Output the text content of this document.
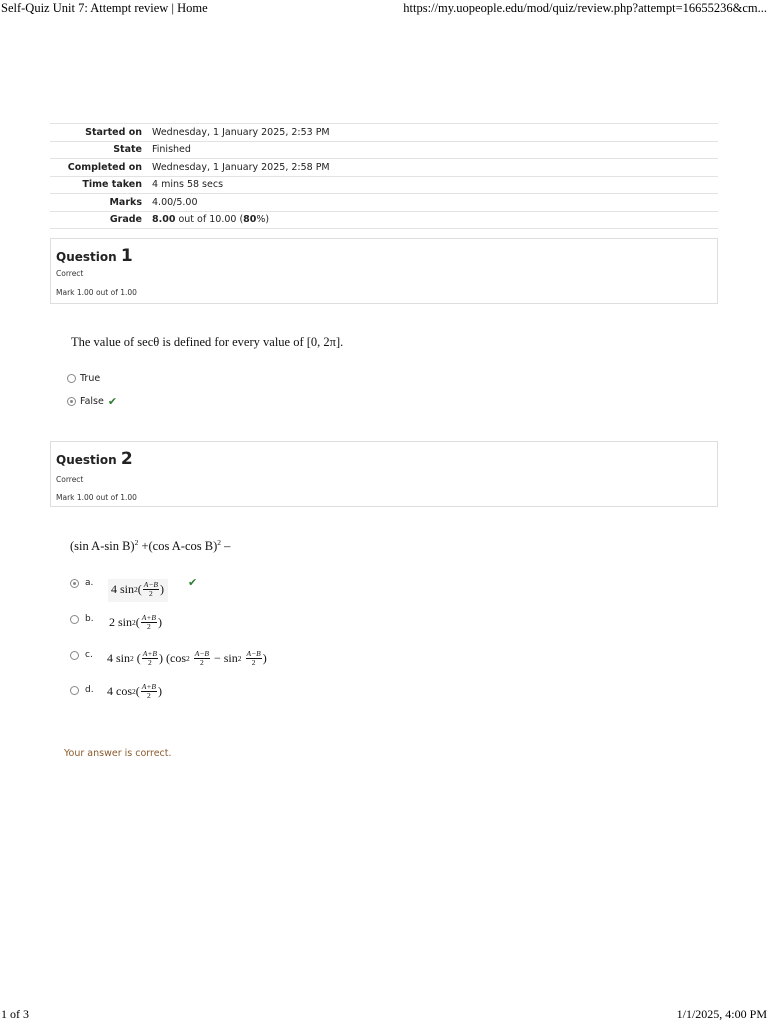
Self-Quiz Unit 7: Attempt review | Home	https://my.uopeople.edu/mod/quiz/review.php?attempt=16655236&cm...
Started on	Wednesday, 1 January 2025, 2:53 PM
State	Finished
Completed on	Wednesday, 1 January 2025, 2:58 PM
Time taken	4 mins 58 secs
Marks	4.00/5.00
Grade	8.00 out of 10.00 (80%)
Question 1
Correct
Mark 1.00 out of 1.00
The value of secθ is defined for every value of [0, 2π].
True
False ✔
Question 2
Correct
Mark 1.00 out of 1.00
(sin A-sin B)$^2$ +(cos A-cos B)$^2$ –
a.	4 sin 2 ( $\frac{A-B}{2}$ )	✔
b.	2 sin 2 ( $\frac{A+B}{2}$ )
c.	4 sin 2 ( $\frac{A+B}{2}$ ) (cos 2
$\frac{A-B}{2}$
− sin 2
$\frac{A-B}{2}$ )
d.	4 cos 2 ( $\frac{A+B}{2}$ )
Your answer is correct.
1 of 3	1/1/2025, 4:00 PM
